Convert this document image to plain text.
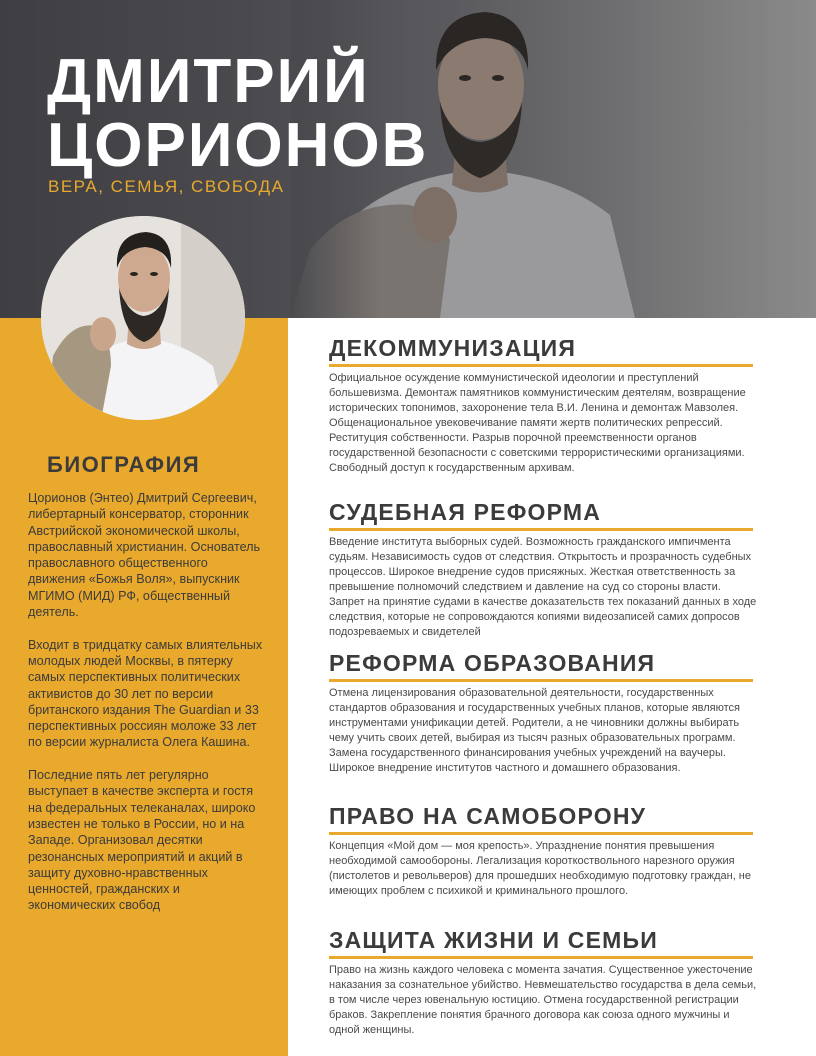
ДМИТРИЙ
ЦОРИОНОВ
ВЕРА, СЕМЬЯ, СВОБОДА
БИОГРАФИЯ

Цорионов (Энтео) Дмитрий Сергеевич, либертарный консерватор, сторонник Австрийской экономической школы, православный христианин. Основатель православного общественного движения «Божья Воля», выпускник МГИМО (МИД) РФ, общественный деятель.

Входит в тридцатку самых влиятельных молодых людей Москвы, в пятерку самых перспективных политических активистов до 30 лет по версии британского издания The Guardian и 33 перспективных россиян моложе 33 лет по версии журналиста Олега Кашина.

Последние пять лет регулярно выступает в качестве эксперта и гостя на федеральных телеканалах, широко известен не только в России, но и на Западе. Организовал десятки резонансных мероприятий и акций в защиту духовно-нравственных ценностей, гражданских и экономических свобод

ДЕКОММУНИЗАЦИЯ

Официальное осуждение коммунистической идеологии и преступлений большевизма. Демонтаж памятников коммунистическим деятелям, возвращение исторических топонимов, захоронение тела В.И. Ленина и демонтаж Мавзолея. Общенациональное увековечивание памяти жертв политических репрессий. Реституция собственности. Разрыв порочной преемственности органов государственной безопасности с советскими террористическими организациями. Свободный доступ к государственным архивам.

СУДЕБНАЯ РЕФОРМА

Введение института выборных судей. Возможность гражданского импичмента судьям. Независимость судов от следствия. Открытость и прозрачность судебных процессов. Широкое внедрение судов присяжных. Жесткая ответственность за превышение полномочий следствием и давление на суд со стороны власти. Запрет на принятие судами в качестве доказательств тех показаний данных в ходе следствия, которые не сопровождаются копиями видеозаписей самих допросов подозреваемых и свидетелей

РЕФОРМА ОБРАЗОВАНИЯ

Отмена лицензирования образовательной деятельности, государственных стандартов образования и государственных учебных планов, которые являются инструментами унификации детей. Родители, а не чиновники должны выбирать чему учить своих детей, выбирая из тысяч разных образовательных программ. Замена государственного финансирования учебных учреждений на ваучеры. Широкое внедрение институтов частного и домашнего образования.

ПРАВО НА САМОБОРОНУ

Концепция «Мой дом — моя крепость». Упразднение понятия превышения необходимой самообороны. Легализация короткоствольного нарезного оружия (пистолетов и револьверов) для прошедших необходимую подготовку граждан, не имеющих проблем с психикой и криминального прошлого.

ЗАЩИТА ЖИЗНИ И СЕМЬИ

Право на жизнь каждого человека с момента зачатия. Существенное ужесточение наказания за сознательное убийство. Невмешательство государства в дела семьи, в том числе через ювенальную юстицию. Отмена государственной регистрации браков. Закрепление понятия брачного договора как союза одного мужчины и одной женщины.
